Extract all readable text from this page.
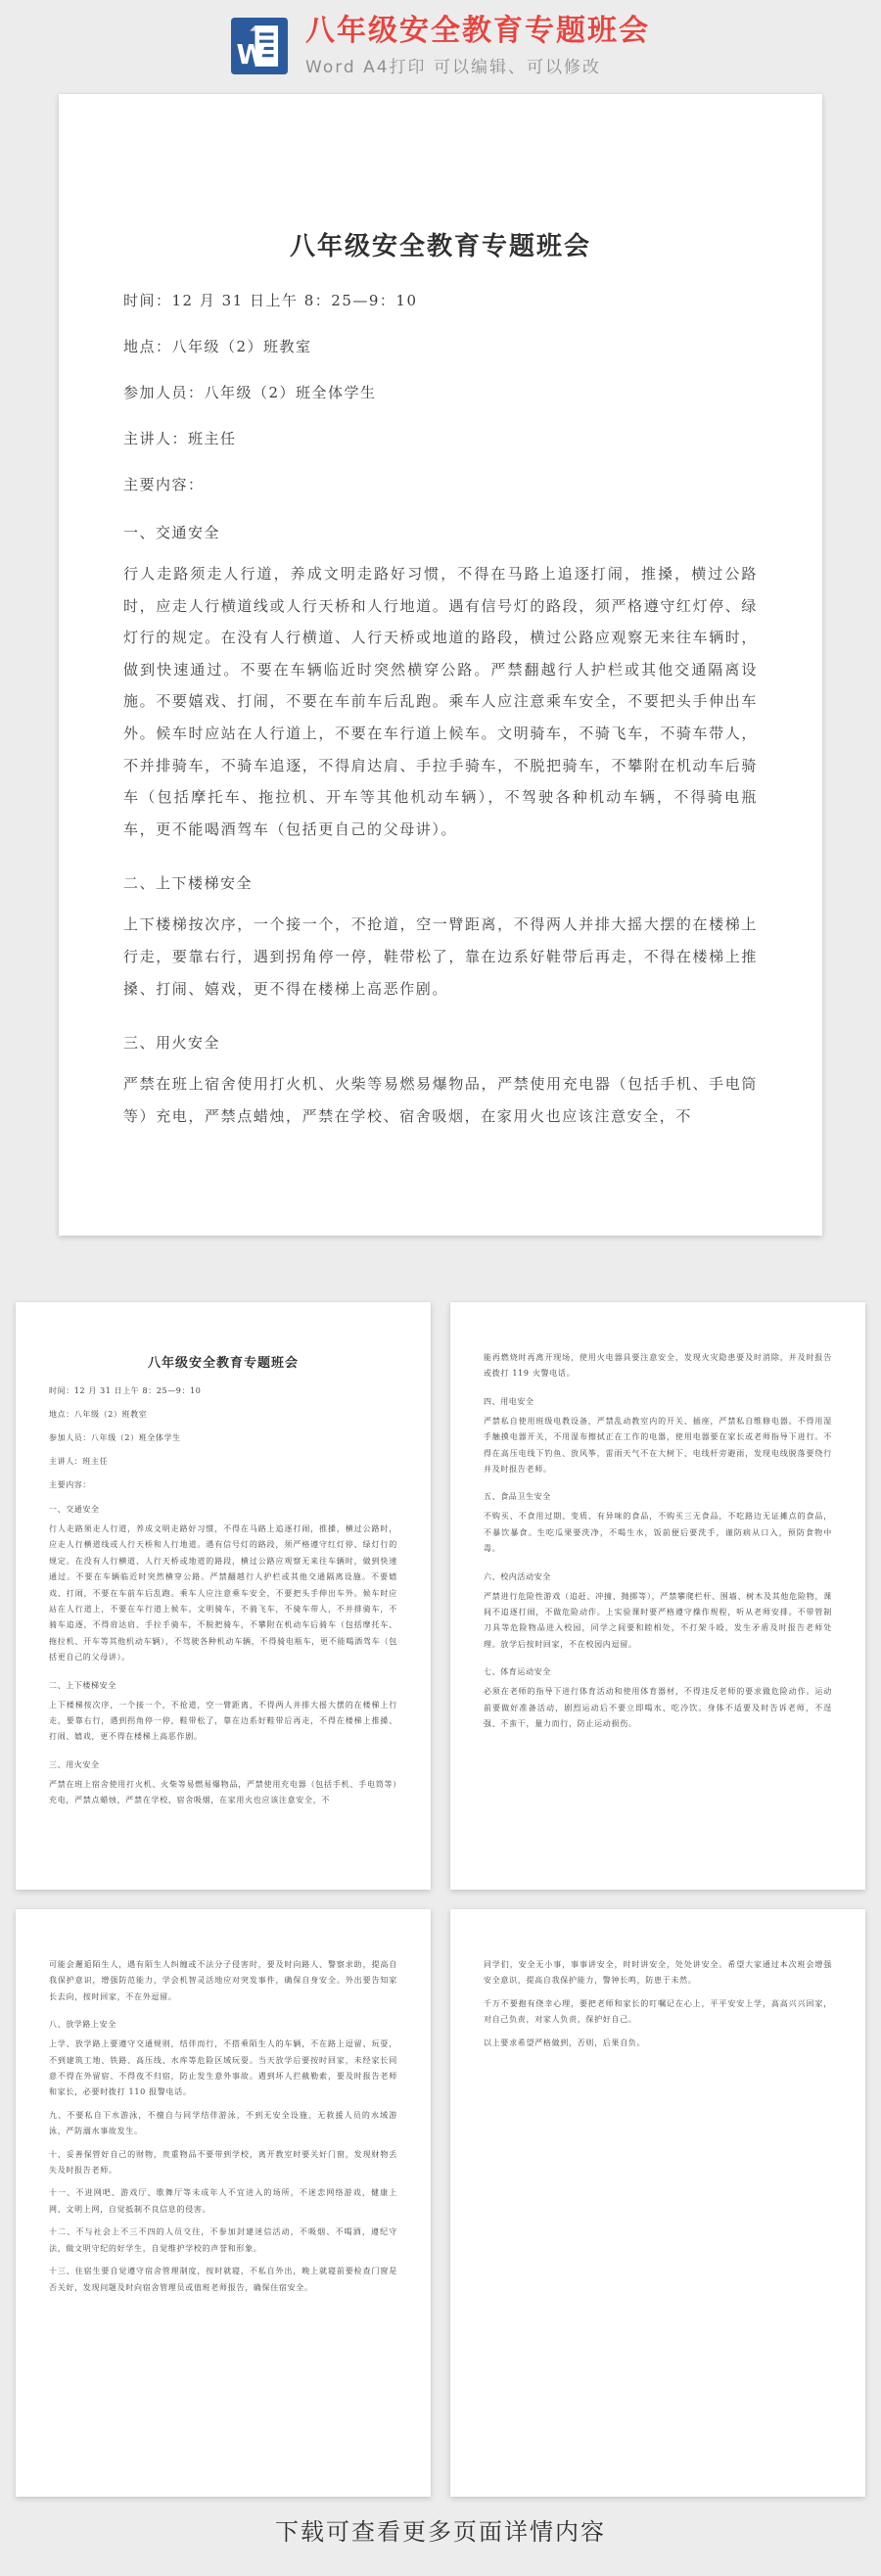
W
八年级安全教育专题班会
Word A4打印 可以编辑、可以修改
八年级安全教育专题班会
时间：12 月 31 日上午 8：25—9：10
地点：八年级（2）班教室
参加人员：八年级（2）班全体学生
主讲人：班主任
主要内容：
一、交通安全

行人走路须走人行道，养成文明走路好习惯，不得在马路上追逐打闹，推搡，横过公路时，应走人行横道线或人行天桥和人行地道。遇有信号灯的路段，须严格遵守红灯停、绿灯行的规定。在没有人行横道、人行天桥或地道的路段，横过公路应观察无来往车辆时，做到快速通过。不要在车辆临近时突然横穿公路。严禁翻越行人护栏或其他交通隔离设施。不要嬉戏、打闹，不要在车前车后乱跑。乘车人应注意乘车安全，不要把头手伸出车外。候车时应站在人行道上，不要在车行道上候车。文明骑车，不骑飞车，不骑车带人，不并排骑车，不骑车追逐，不得肩达肩、手拉手骑车，不脱把骑车，不攀附在机动车后骑车（包括摩托车、拖拉机、开车等其他机动车辆），不驾驶各种机动车辆，不得骑电瓶车，更不能喝酒驾车（包括更自己的父母讲）。

二、上下楼梯安全

上下楼梯按次序，一个接一个，不抢道，空一臂距离，不得两人并排大摇大摆的在楼梯上行走，要靠右行，遇到拐角停一停，鞋带松了，靠在边系好鞋带后再走，不得在楼梯上推搡、打闹、嬉戏，更不得在楼梯上高恶作剧。

三、用火安全

严禁在班上宿舍使用打火机、火柴等易燃易爆物品，严禁使用充电器（包括手机、手电筒等）充电，严禁点蜡烛，严禁在学校、宿舍吸烟，在家用火也应该注意安全，不

八年级安全教育专题班会
时间：12 月 31 日上午 8：25—9：10
地点：八年级（2）班教室
参加人员：八年级（2）班全体学生
主讲人：班主任
主要内容：
一、交通安全

行人走路须走人行道，养成文明走路好习惯，不得在马路上追逐打闹，推搡，横过公路时，应走人行横道线或人行天桥和人行地道。遇有信号灯的路段，须严格遵守红灯停、绿灯行的规定。在没有人行横道、人行天桥或地道的路段，横过公路应观察无来往车辆时，做到快速通过。不要在车辆临近时突然横穿公路。严禁翻越行人护栏或其他交通隔离设施。不要嬉戏、打闹，不要在车前车后乱跑。乘车人应注意乘车安全，不要把头手伸出车外。候车时应站在人行道上，不要在车行道上候车。文明骑车，不骑飞车，不骑车带人，不并排骑车，不骑车追逐，不得肩达肩、手拉手骑车，不脱把骑车，不攀附在机动车后骑车（包括摩托车、拖拉机、开车等其他机动车辆），不驾驶各种机动车辆，不得骑电瓶车，更不能喝酒驾车（包括更自己的父母讲）。

二、上下楼梯安全

上下楼梯按次序，一个接一个，不抢道，空一臂距离，不得两人并排大摇大摆的在楼梯上行走，要靠右行，遇到拐角停一停，鞋带松了，靠在边系好鞋带后再走，不得在楼梯上推搡、打闹、嬉戏，更不得在楼梯上高恶作剧。

三、用火安全

严禁在班上宿舍使用打火机、火柴等易燃易爆物品，严禁使用充电器（包括手机、手电筒等）充电，严禁点蜡烛，严禁在学校、宿舍吸烟，在家用火也应该注意安全，不

能再燃烧时再离开现场，使用火电器具要注意安全，发现火灾隐患要及时消除，并及时报告或拨打 119 火警电话。

四、用电安全

严禁私自使用班级电教设备，严禁乱动教室内的开关、插座，严禁私自维修电器。不得用湿手触摸电器开关，不用湿布擦拭正在工作的电器，使用电器要在家长或老师指导下进行。不得在高压电线下钓鱼、放风筝，雷雨天气不在大树下、电线杆旁避雨，发现电线脱落要绕行并及时报告老师。

五、食品卫生安全

不购买、不食用过期、变质、有异味的食品，不购买三无食品，不吃路边无证摊点的食品，不暴饮暴食。生吃瓜果要洗净，不喝生水，饭前便后要洗手，谨防病从口入，预防食物中毒。

六、校内活动安全

严禁进行危险性游戏（追赶、冲撞、抛掷等），严禁攀爬栏杆、围墙、树木及其他危险物，课间不追逐打闹，不做危险动作。上实验课时要严格遵守操作规程，听从老师安排。不带管制刀具等危险物品进入校园，同学之间要和睦相处，不打架斗殴，发生矛盾及时报告老师处理。放学后按时回家，不在校园内逗留。

七、体育运动安全

必须在老师的指导下进行体育活动和使用体育器材，不得违反老师的要求做危险动作。运动前要做好准备活动，剧烈运动后不要立即喝水、吃冷饮。身体不适要及时告诉老师，不逞强、不蛮干，量力而行，防止运动损伤。

可能会邂逅陌生人，遇有陌生人纠缠或不法分子侵害时，要及时向路人、警察求助，提高自我保护意识，增强防范能力，学会机智灵活地应对突发事件，确保自身安全。外出要告知家长去向，按时回家，不在外逗留。

八、放学路上安全

上学、放学路上要遵守交通规则，结伴而行，不搭乘陌生人的车辆，不在路上逗留、玩耍，不到建筑工地、铁路、高压线、水库等危险区域玩耍。当天放学后要按时回家，未经家长同意不得在外留宿、不得夜不归宿，防止发生意外事故。遇到坏人拦截勒索，要及时报告老师和家长，必要时拨打 110 报警电话。

九、不要私自下水游泳，不擅自与同学结伴游泳，不到无安全设施、无救援人员的水域游泳，严防溺水事故发生。

十、妥善保管好自己的财物，贵重物品不要带到学校，离开教室时要关好门窗，发现财物丢失及时报告老师。

十一、不进网吧、游戏厅、歌舞厅等未成年人不宜进入的场所，不迷恋网络游戏，健康上网、文明上网，自觉抵制不良信息的侵害。

十二、不与社会上不三不四的人员交往，不参加封建迷信活动，不吸烟、不喝酒，遵纪守法，做文明守纪的好学生，自觉维护学校的声誉和形象。

十三、住宿生要自觉遵守宿舍管理制度，按时就寝，不私自外出，晚上就寝前要检查门窗是否关好，发现问题及时向宿舍管理员或值班老师报告，确保住宿安全。

同学们，安全无小事，事事讲安全，时时讲安全，处处讲安全。希望大家通过本次班会增强安全意识，提高自我保护能力，警钟长鸣，防患于未然。

千万不要抱有侥幸心理，要把老师和家长的叮嘱记在心上，平平安安上学，高高兴兴回家，对自己负责，对家人负责，保护好自己。

以上要求希望严格做到，否则，后果自负。

下载可查看更多页面详情内容
